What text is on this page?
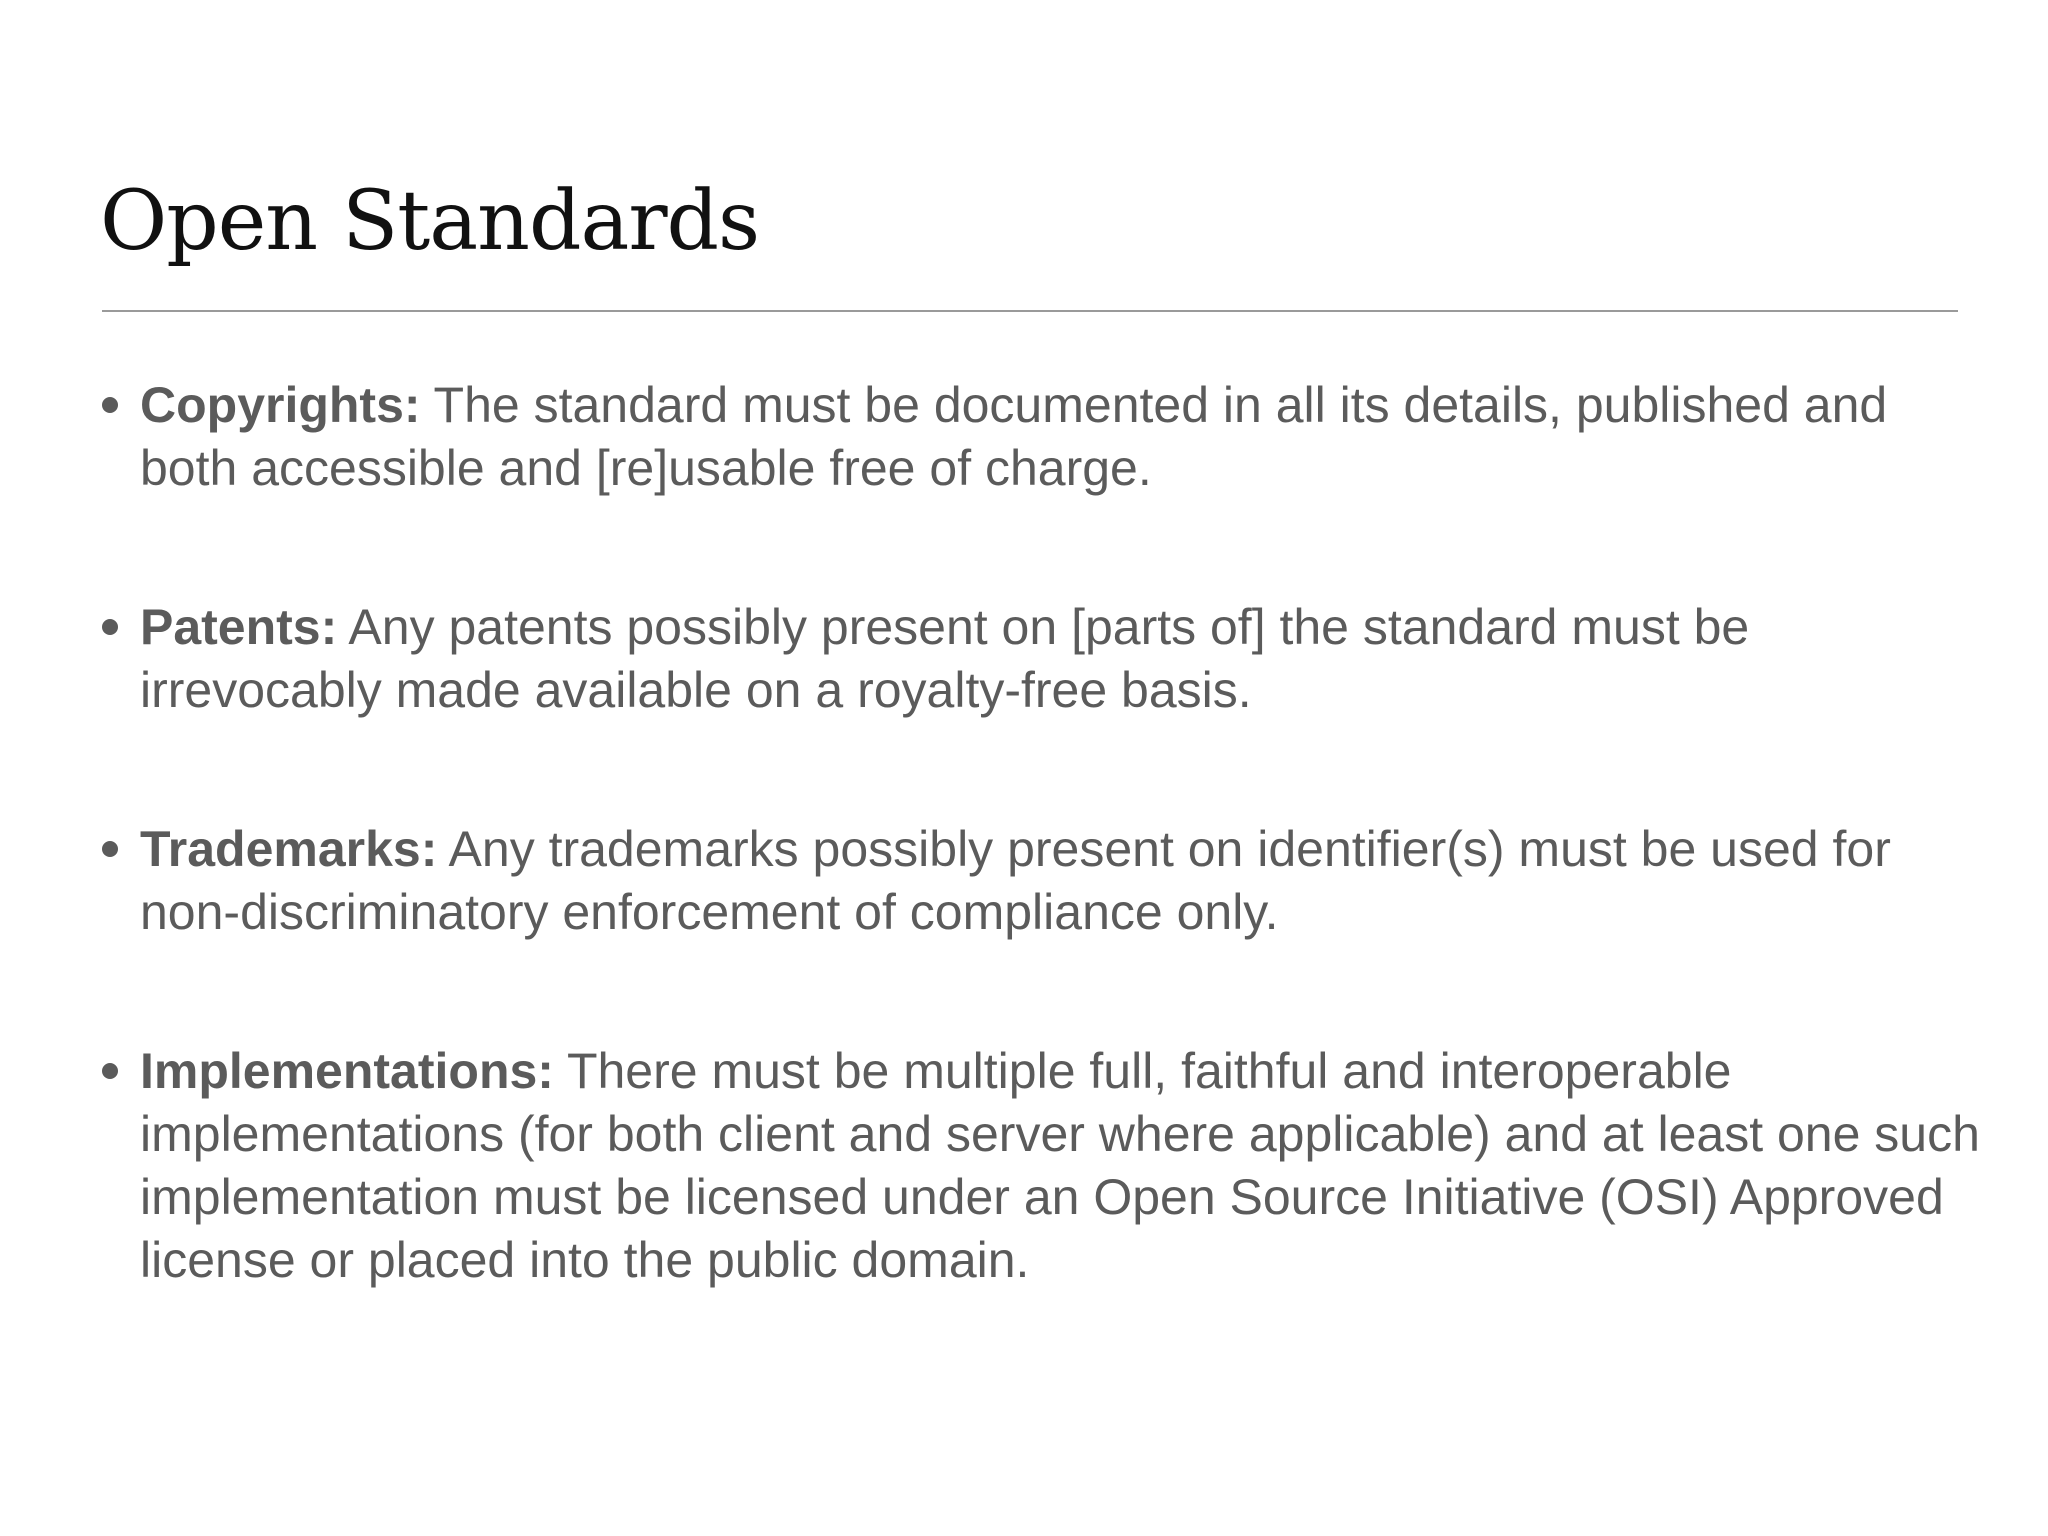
Open Standards
Copyrights: The standard must be documented in all its details, published and both accessible and [re]usable free of charge.
Patents: Any patents possibly present on [parts of] the standard must be irrevocably made available on a royalty-free basis.
Trademarks: Any trademarks possibly present on identifier(s) must be used for non-discriminatory enforcement of compliance only.
Implementations: There must be multiple full, faithful and interoperable implementations (for both client and server where applicable) and at least one such implementation must be licensed under an Open Source Initiative (OSI) Approved license or placed into the public domain.
